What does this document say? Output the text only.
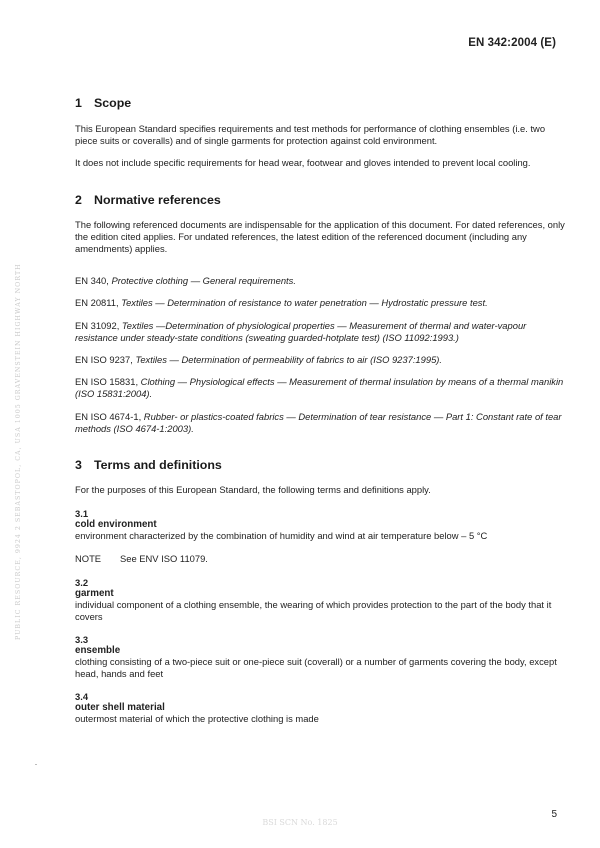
EN 342:2004 (E)
PUBLIC RESOURCE, 9924 2 SEBASTOPOL, CA, USA 1005 GRAVENSTEIN HIGHWAY NORTH
1 Scope

This European Standard specifies requirements and test methods for performance of clothing ensembles (i.e. two piece suits or coveralls) and of single garments for protection against cold environment.

It does not include specific requirements for head wear, footwear and gloves intended to prevent local cooling.

2 Normative references

The following referenced documents are indispensable for the application of this document. For dated references, only the edition cited applies. For undated references, the latest edition of the referenced document (including any amendments) applies.

EN 340, Protective clothing — General requirements.

EN 20811, Textiles — Determination of resistance to water penetration — Hydrostatic pressure test.

EN 31092, Textiles —Determination of physiological properties — Measurement of thermal and water-vapour resistance under steady-state conditions (sweating guarded-hotplate test) (ISO 11092:1993.)

EN ISO 9237, Textiles — Determination of permeability of fabrics to air (ISO 9237:1995).

EN ISO 15831, Clothing — Physiological effects — Measurement of thermal insulation by means of a thermal manikin (ISO 15831:2004).

EN ISO 4674-1, Rubber- or plastics-coated fabrics — Determination of tear resistance — Part 1: Constant rate of tear methods (ISO 4674-1:2003).

3 Terms and definitions

For the purposes of this European Standard, the following terms and definitions apply.

3.1
cold environment

environment characterized by the combination of humidity and wind at air temperature below – 5 °C

NOTE See ENV ISO 11079.

3.2
garment

individual component of a clothing ensemble, the wearing of which provides protection to the part of the body that it covers

3.3
ensemble

clothing consisting of a two-piece suit or one-piece suit (coverall) or a number of garments covering the body, except head, hands and feet

3.4
outer shell material

outermost material of which the protective clothing is made

BSI SCN No. 1825
5
